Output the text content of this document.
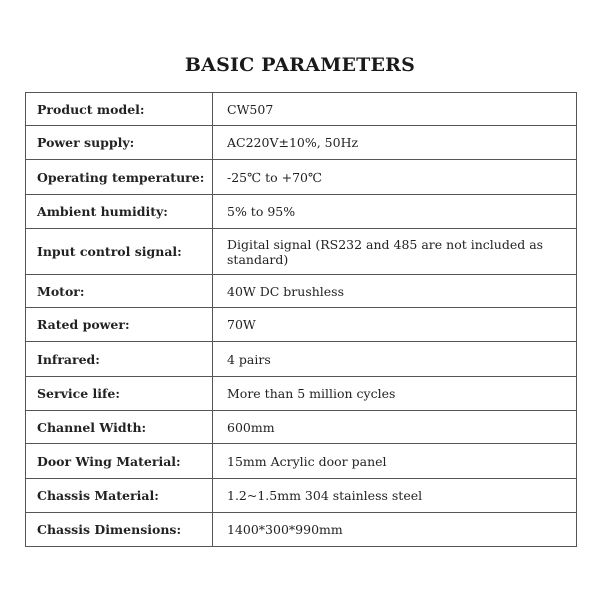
BASIC PARAMETERS
Product model:	CW507
Power supply:	AC220V±10%, 50Hz
Operating temperature:	-25℃ to +70℃
Ambient humidity:	5% to 95%
Input control signal:	Digital signal (RS232 and 485 are not included as standard)
Motor:	40W DC brushless
Rated power:	70W
Infrared:	4 pairs
Service life:	More than 5 million cycles
Channel Width:	600mm
Door Wing Material:	15mm Acrylic door panel
Chassis Material:	1.2~1.5mm 304 stainless steel
Chassis Dimensions:	1400*300*990mm
